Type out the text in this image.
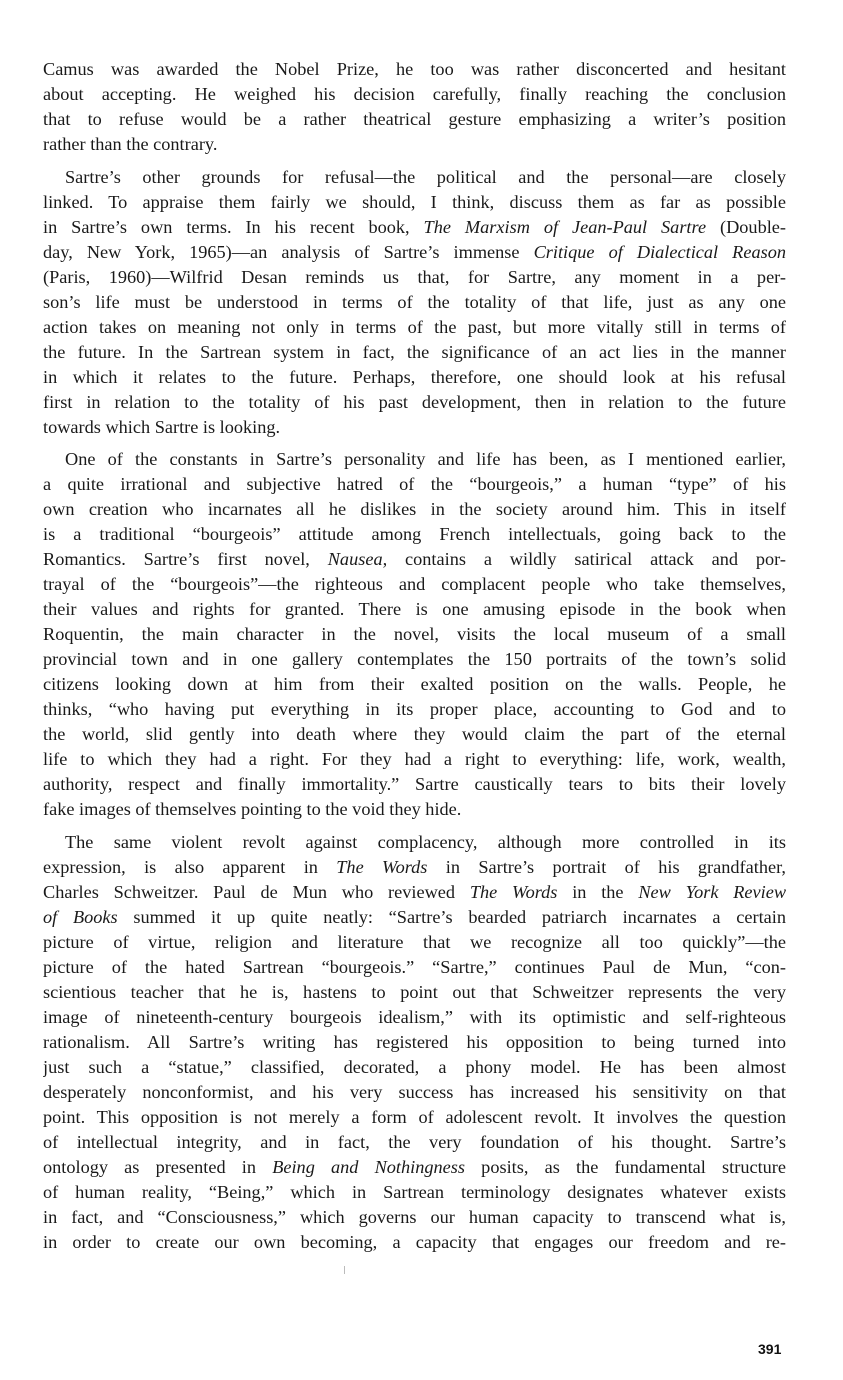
Camus was awarded the Nobel Prize, he too was rather disconcerted and hesitant
about accepting. He weighed his decision carefully, finally reaching the conclusion
that to refuse would be a rather theatrical gesture emphasizing a writer’s position
rather than the contrary.
Sartre’s other grounds for refusal—the political and the personal—are closely
linked. To appraise them fairly we should, I think, discuss them as far as possible
in Sartre’s own terms. In his recent book, The Marxism of Jean-Paul Sartre (Double-
day, New York, 1965)—an analysis of Sartre’s immense Critique of Dialectical Reason
(Paris, 1960)—Wilfrid Desan reminds us that, for Sartre, any moment in a per-
son’s life must be understood in terms of the totality of that life, just as any one
action takes on meaning not only in terms of the past, but more vitally still in terms of
the future. In the Sartrean system in fact, the significance of an act lies in the manner
in which it relates to the future. Perhaps, therefore, one should look at his refusal
first in relation to the totality of his past development, then in relation to the future
towards which Sartre is looking.
One of the constants in Sartre’s personality and life has been, as I mentioned earlier,
a quite irrational and subjective hatred of the “bourgeois,” a human “type” of his
own creation who incarnates all he dislikes in the society around him. This in itself
is a traditional “bourgeois” attitude among French intellectuals, going back to the
Romantics. Sartre’s first novel, Nausea, contains a wildly satirical attack and por-
trayal of the “bourgeois”—the righteous and complacent people who take themselves,
their values and rights for granted. There is one amusing episode in the book when
Roquentin, the main character in the novel, visits the local museum of a small
provincial town and in one gallery contemplates the 150 portraits of the town’s solid
citizens looking down at him from their exalted position on the walls. People, he
thinks, “who having put everything in its proper place, accounting to God and to
the world, slid gently into death where they would claim the part of the eternal
life to which they had a right. For they had a right to everything: life, work, wealth,
authority, respect and finally immortality.” Sartre caustically tears to bits their lovely
fake images of themselves pointing to the void they hide.
The same violent revolt against complacency, although more controlled in its
expression, is also apparent in The Words in Sartre’s portrait of his grandfather,
Charles Schweitzer. Paul de Mun who reviewed The Words in the New York Review
of Books summed it up quite neatly: “Sartre’s bearded patriarch incarnates a certain
picture of virtue, religion and literature that we recognize all too quickly”—the
picture of the hated Sartrean “bourgeois.” “Sartre,” continues Paul de Mun, “con-
scientious teacher that he is, hastens to point out that Schweitzer represents the very
image of nineteenth-century bourgeois idealism,” with its optimistic and self-righteous
rationalism. All Sartre’s writing has registered his opposition to being turned into
just such a “statue,” classified, decorated, a phony model. He has been almost
desperately nonconformist, and his very success has increased his sensitivity on that
point. This opposition is not merely a form of adolescent revolt. It involves the question
of intellectual integrity, and in fact, the very foundation of his thought. Sartre’s
ontology as presented in Being and Nothingness posits, as the fundamental structure
of human reality, “Being,” which in Sartrean terminology designates whatever exists
in fact, and “Consciousness,” which governs our human capacity to transcend what is,
in order to create our own becoming, a capacity that engages our freedom and re-
391
